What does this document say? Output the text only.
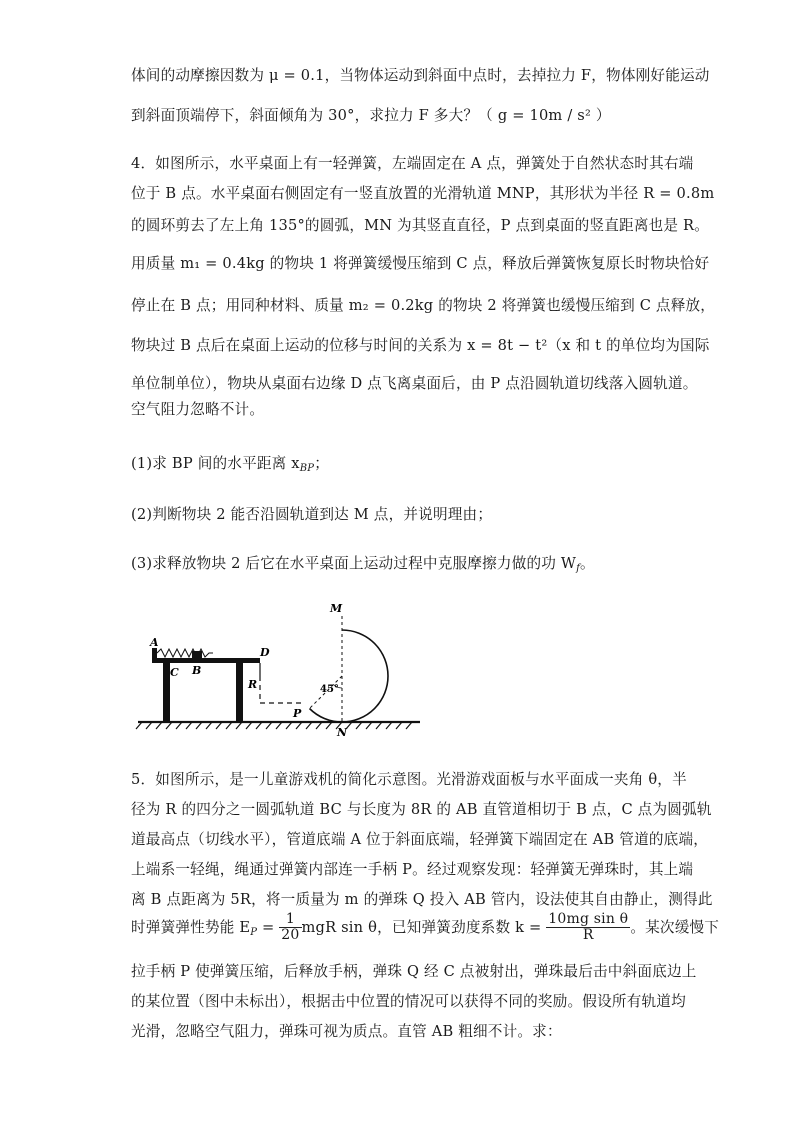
体间的动摩擦因数为 μ = 0.1，当物体运动到斜面中点时，去掉拉力 F，物体刚好能运动
到斜面顶端停下，斜面倾角为 30°，求拉力 F 多大？（ g = 10m / s² ）
4．如图所示，水平桌面上有一轻弹簧，左端固定在 A 点，弹簧处于自然状态时其右端
位于 B 点。水平桌面右侧固定有一竖直放置的光滑轨道 MNP，其形状为半径 R = 0.8m
的圆环剪去了左上角 135°的圆弧，MN 为其竖直直径，P 点到桌面的竖直距离也是 R。
用质量 m₁ = 0.4kg 的物块 1 将弹簧缓慢压缩到 C 点，释放后弹簧恢复原长时物块恰好
停止在 B 点；用同种材料、质量 m₂ = 0.2kg 的物块 2 将弹簧也缓慢压缩到 C 点释放，
物块过 B 点后在桌面上运动的位移与时间的关系为 x = 8t − t²（x 和 t 的单位均为国际
单位制单位），物块从桌面右边缘 D 点飞离桌面后，由 P 点沿圆轨道切线落入圆轨道。
空气阻力忽略不计。
(1)求 BP 间的水平距离 $x_{BP}$；
(2)判断物块 2 能否沿圆轨道到达 M 点，并说明理由；
(3)求释放物块 2 后它在水平桌面上运动过程中克服摩擦力做的功 $W_f$。
A
C B
D
R
P
M
N
45°
5．如图所示，是一儿童游戏机的简化示意图。光滑游戏面板与水平面成一夹角 θ，半
径为 R 的四分之一圆弧轨道 BC 与长度为 8R 的 AB 直管道相切于 B 点，C 点为圆弧轨
道最高点（切线水平），管道底端 A 位于斜面底端，轻弹簧下端固定在 AB 管道的底端，
上端系一轻绳，绳通过弹簧内部连一手柄 P。经过观察发现：轻弹簧无弹珠时，其上端
离 B 点距离为 5R，将一质量为 m 的弹珠 Q 投入 AB 管内，设法使其自由静止，测得此
时弹簧弹性势能 $E_P = \frac{1}{20}$ mgR sin θ，已知弹簧劲度系数 $k = \frac{\text{10mg sin θ}}{R}$ 。某次缓慢下
拉手柄 P 使弹簧压缩，后释放手柄，弹珠 Q 经 C 点被射出，弹珠最后击中斜面底边上
的某位置（图中未标出），根据击中位置的情况可以获得不同的奖励。假设所有轨道均
光滑，忽略空气阻力，弹珠可视为质点。直管 AB 粗细不计。求：
